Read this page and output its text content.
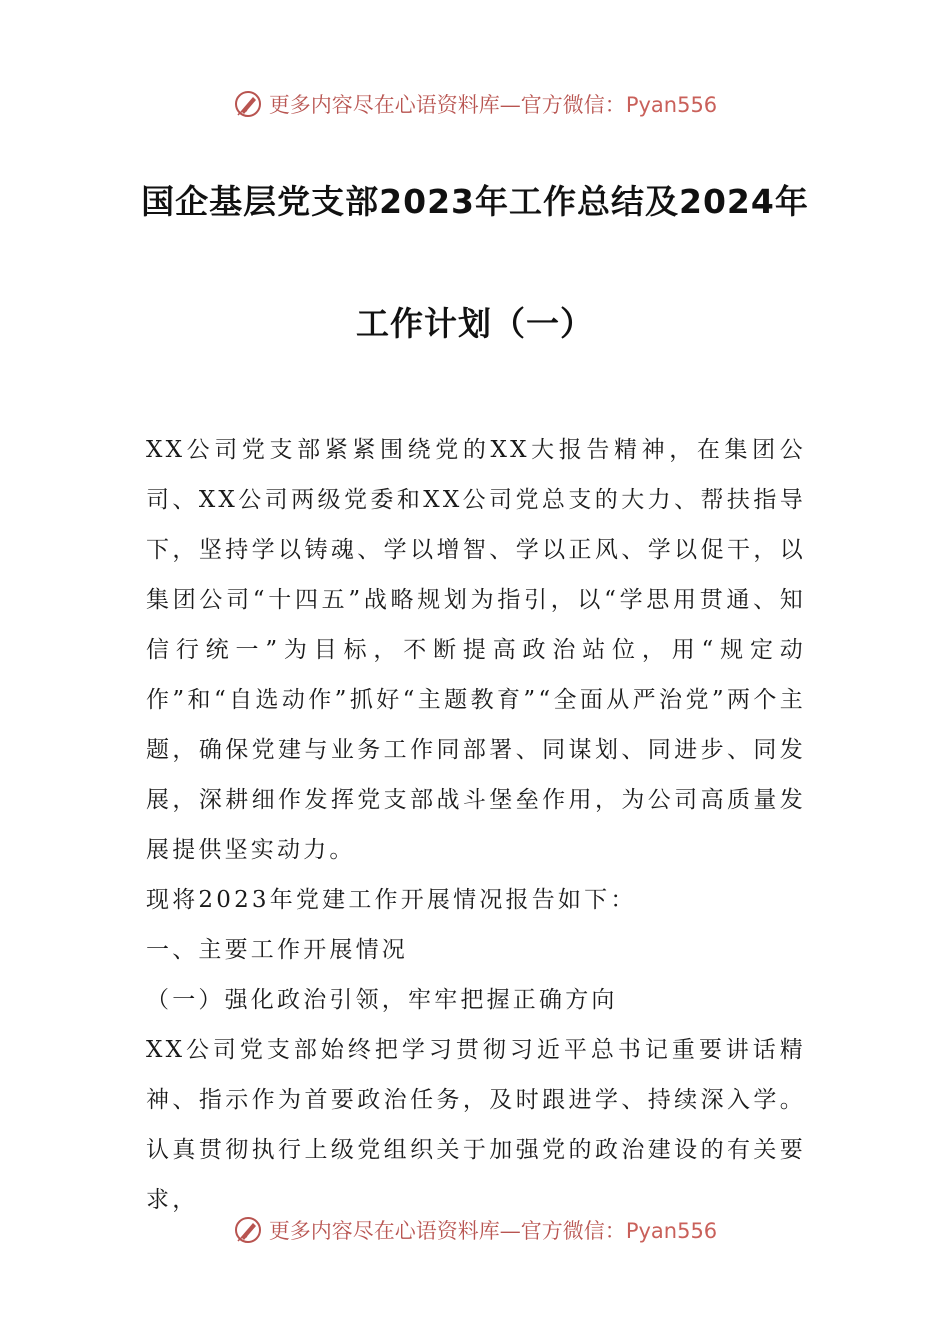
更多内容尽在心语资料库—官方微信：Pyan556
国企基层党支部2023年工作总结及2024年
工作计划（一）

XX公司党支部紧紧围绕党的XX大报告精神，在集团公司、XX公司两级党委和XX公司党总支的大力、帮扶指导下，坚持学以铸魂、学以增智、学以正风、学以促干，以集团公司“十四五”战略规划为指引，以“学思用贯通、知信行统一”为目标，不断提高政治站位，用“规定动作”和“自选动作”抓好“主题教育”“全面从严治党”两个主题，确保党建与业务工作同部署、同谋划、同进步、同发展，深耕细作发挥党支部战斗堡垒作用，为公司高质量发展提供坚实动力。

现将2023年党建工作开展情况报告如下：

一、主要工作开展情况

（一）强化政治引领，牢牢把握正确方向

XX公司党支部始终把学习贯彻习近平总书记重要讲话精神、指示作为首要政治任务，及时跟进学、持续深入学。认真贯彻执行上级党组织关于加强党的政治建设的有关要求，

更多内容尽在心语资料库—官方微信：Pyan556
